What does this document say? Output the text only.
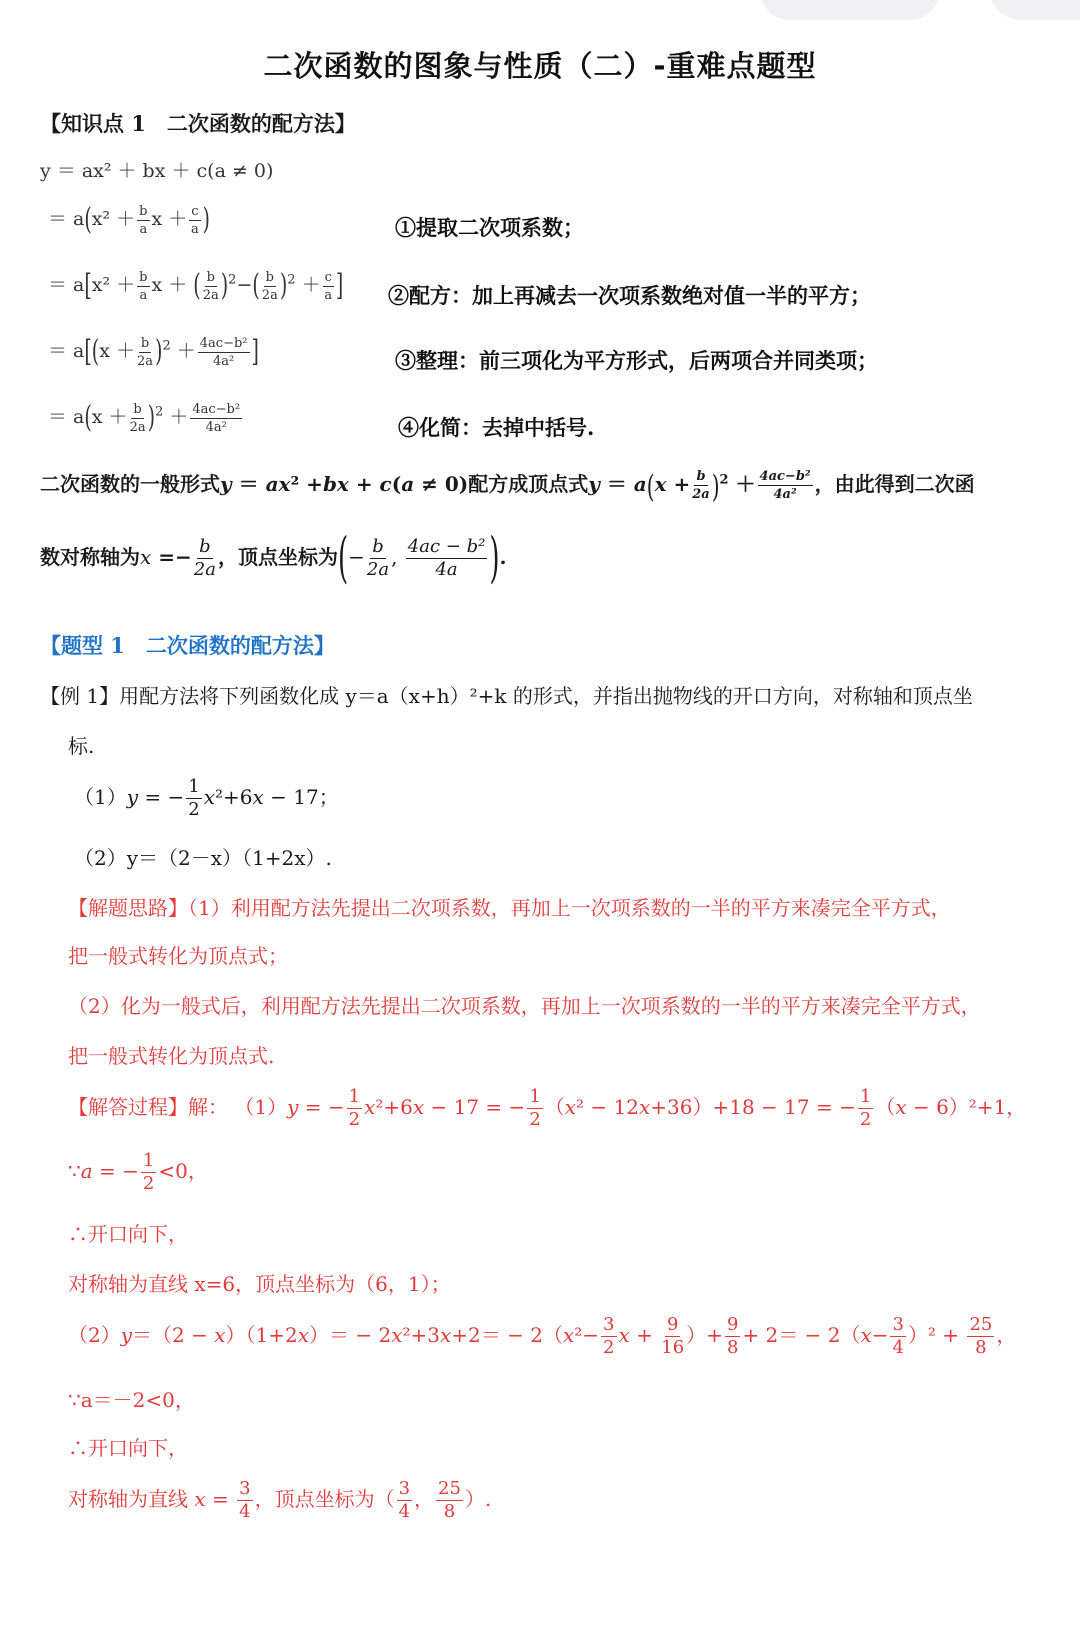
二次函数的图象与性质（二）-重难点题型
【知识点 1　二次函数的配方法】
y ＝ ax² ＋ bx ＋ c(a ≠ 0)
＝ $a(x^2 + \frac{b}{a}$ $x + \frac{c}{a}$ )	①提取二次项系数；
＝ $a[x^2 + \frac{b}{a}$ x ＋ ( $\frac{b}{2a} )^2-( \frac{b}{2a} )^2 + \frac{c}{a}$ ] ②配方：加上再减去一次项系数绝对值一半的平方；
＝ $a[(x + \frac{b}{2a} )^2 + \frac{\text{4ac−b²}}{\text{4a²}}$ ]	③整理：前三项化为平方形式，后两项合并同类项；
＝ $a(x + \frac{b}{2a} )^2 + \frac{\text{4ac−b²}}{\text{4a²}}$	④化简：去掉中括号.
二次函数的一般形式y ＝ ax² +bx + c(a ≠ 0)配方成顶点式$y = a(x + \frac{b}{2a} )^2 + \frac{\text{4ac−b²}}{\text{4a²}}$ ，由此得到二次函
数对称轴为$x =- \frac{b}{2a}$ ，顶点坐标为(− $\frac{b}{2a}$ , $\frac{\text{4ac − b²}}{4a}$ ).
【题型 1　二次函数的配方法】
【例 1】用配方法将下列函数化成 y＝a（x+h）²+k 的形式，并指出抛物线的开口方向，对称轴和顶点坐
标.
（1）y = − $\frac{1}{2} x^2+6x - 17$；
（2）y＝（2－x）（1+2x）.
【解题思路】（1）利用配方法先提出二次项系数，再加上一次项系数的一半的平方来凑完全平方式，
把一般式转化为顶点式；
（2）化为一般式后，利用配方法先提出二次项系数，再加上一次项系数的一半的平方来凑完全平方式，
把一般式转化为顶点式.
【解答过程】解： （1）y = − $\frac{1}{2} x^2+6x - 17$ = − $\frac{1}{2} (x^2 - 12x+36)+18 - 17$ = − $\frac{1}{2} (x - 6)^2+1$，
∵a = − $\frac{1}{2} <0$，
∴开口向下，
对称轴为直线 x=6，顶点坐标为（6，1）；
$(2)y=(2 - x)(1+2x)= - 2x^2+3x+2= - 2(x^2- \frac{3}{2}$ $x + \frac{9}{16}$ ）+ $\frac{9}{8} + 2= - 2(x- \frac{3}{4} )^2 + \frac{25}{8}$ ，
∵a＝－2<0，
∴开口向下，
对称轴为直线 $x = \frac{3}{4}$ ，顶点坐标为（ $\frac{3}{4}$ ， $\frac{25}{8}$ ）.
